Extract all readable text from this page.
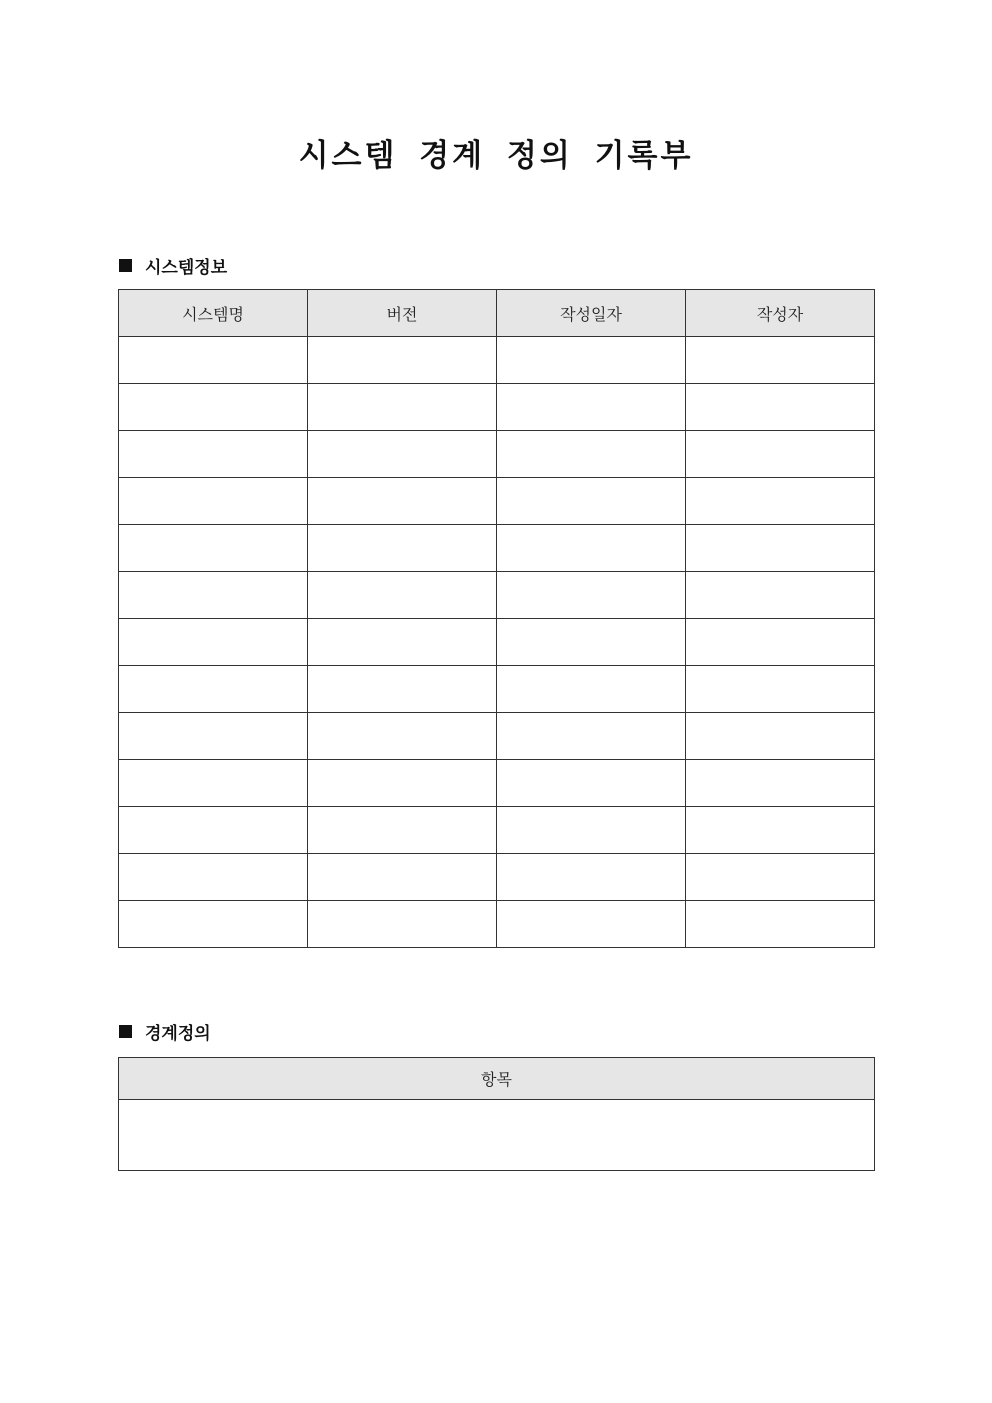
시스템 경계 정의 기록부
시스템정보
시스템명	버전	작성일자	작성자

경계정의
항목
